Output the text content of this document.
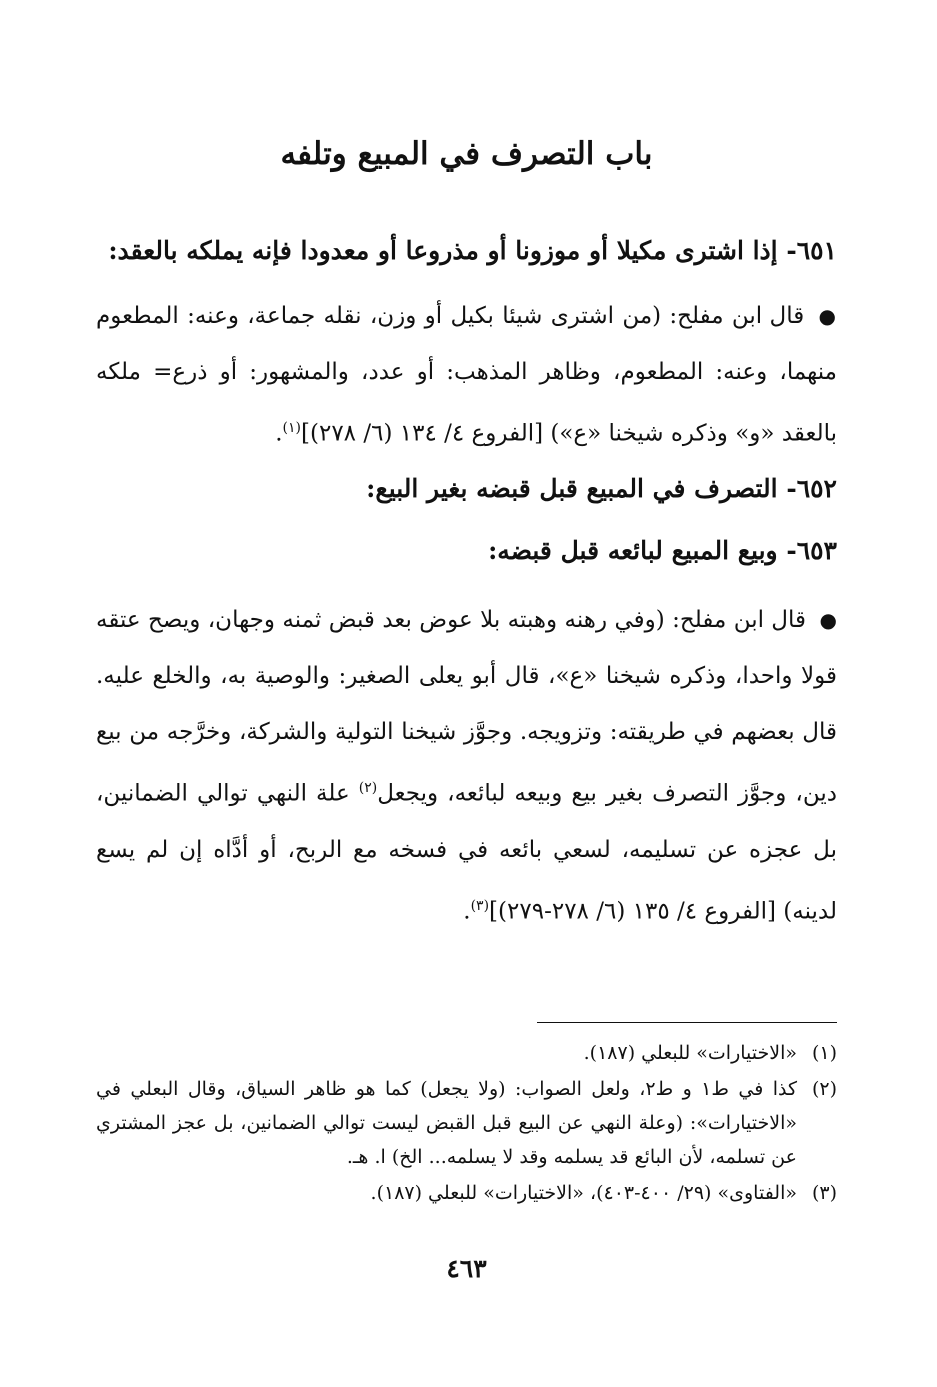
باب التصرف في المبيع وتلفه
٦٥١- إذا اشترى مكيلا أو موزونا أو مذروعا أو معدودا فإنه يملكه بالعقد:

● قال ابن مفلح: (من اشترى شيئا بكيل أو وزن، نقله جماعة، وعنه: المطعوم منهما، وعنه: المطعوم، وظاهر المذهب: أو عدد، والمشهور: أو ذرع= ملكه بالعقد «و» وذكره شيخنا «ع») [الفروع ٤/ ١٣٤ (٦/ ٢٧٨)]$^{(١)}$.

٦٥٢- التصرف في المبيع قبل قبضه بغير البيع:
٦٥٣- وبيع المبيع لبائعه قبل قبضه:

● قال ابن مفلح: (وفي رهنه وهبته بلا عوض بعد قبض ثمنه وجهان، ويصح عتقه قولا واحدا، وذكره شيخنا «ع»، قال أبو يعلى الصغير: والوصية به، والخلع عليه. قال بعضهم في طريقته: وتزويجه. وجوَّز شيخنا التولية والشركة، وخرَّجه من بيع دين، وجوَّز التصرف بغير بيع وبيعه لبائعه، ويجعل$^{(٢)}$ علة النهي توالي الضمانين، بل عجزه عن تسليمه، لسعي بائعه في فسخه مع الربح، أو أدَّاه إن لم يسع لدينه) [الفروع ٤/ ١٣٥ (٦/ ٢٧٨-٢٧٩)]$^{(٣)}$.

(١)
«الاختيارات» للبعلي (١٨٧).
(٢)
كذا في ط١ و ط٢، ولعل الصواب: (ولا يجعل) كما هو ظاهر السياق، وقال البعلي في «الاختيارات»: (وعلة النهي عن البيع قبل القبض ليست توالي الضمانين، بل عجز المشتري عن تسلمه، لأن البائع قد يسلمه وقد لا يسلمه... الخ) ا. هـ.
(٣)
«الفتاوى» (٢٩/ ٤٠٠-٤٠٣)، «الاختيارات» للبعلي (١٨٧).
٤٦٣
